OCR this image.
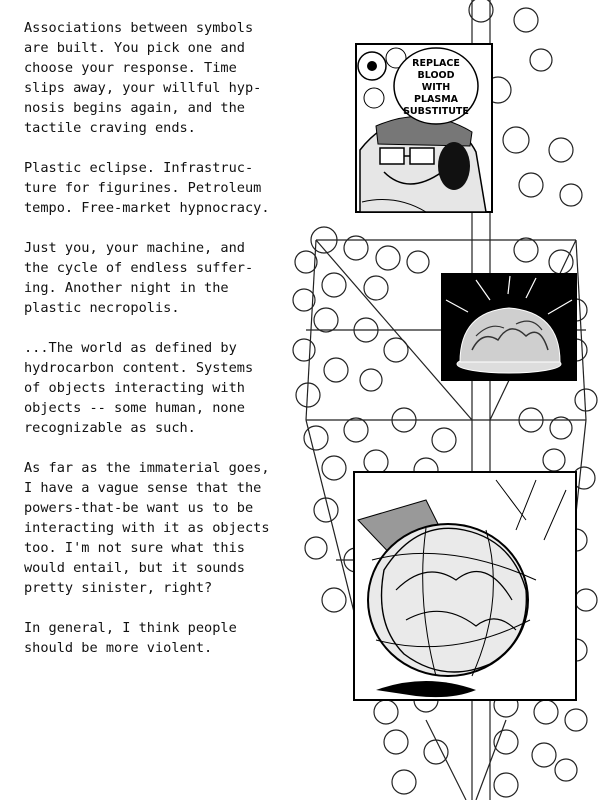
Associations between symbols
are built. You pick one and
choose your response. Time
slips away, your willful hyp-
nosis begins again, and the
tactile craving ends.

Plastic eclipse. Infrastruc-
ture for figurines. Petroleum
tempo. Free-market hypnocracy.

Just you, your machine, and
the cycle of endless suffer-
ing. Another night in the
plastic necropolis.

...The world as defined by
hydrocarbon content. Systems
of objects interacting with
objects -- some human, none
recognizable as such.

As far as the immaterial goes,
I have a vague sense that the
powers-that-be want us to be
interacting with it as objects
too. I'm not sure what this
would entail, but it sounds
pretty sinister, right?

In general, I think people
should be more violent.

REPLACE
BLOOD
WITH
PLASMA
SUBSTITUTE
